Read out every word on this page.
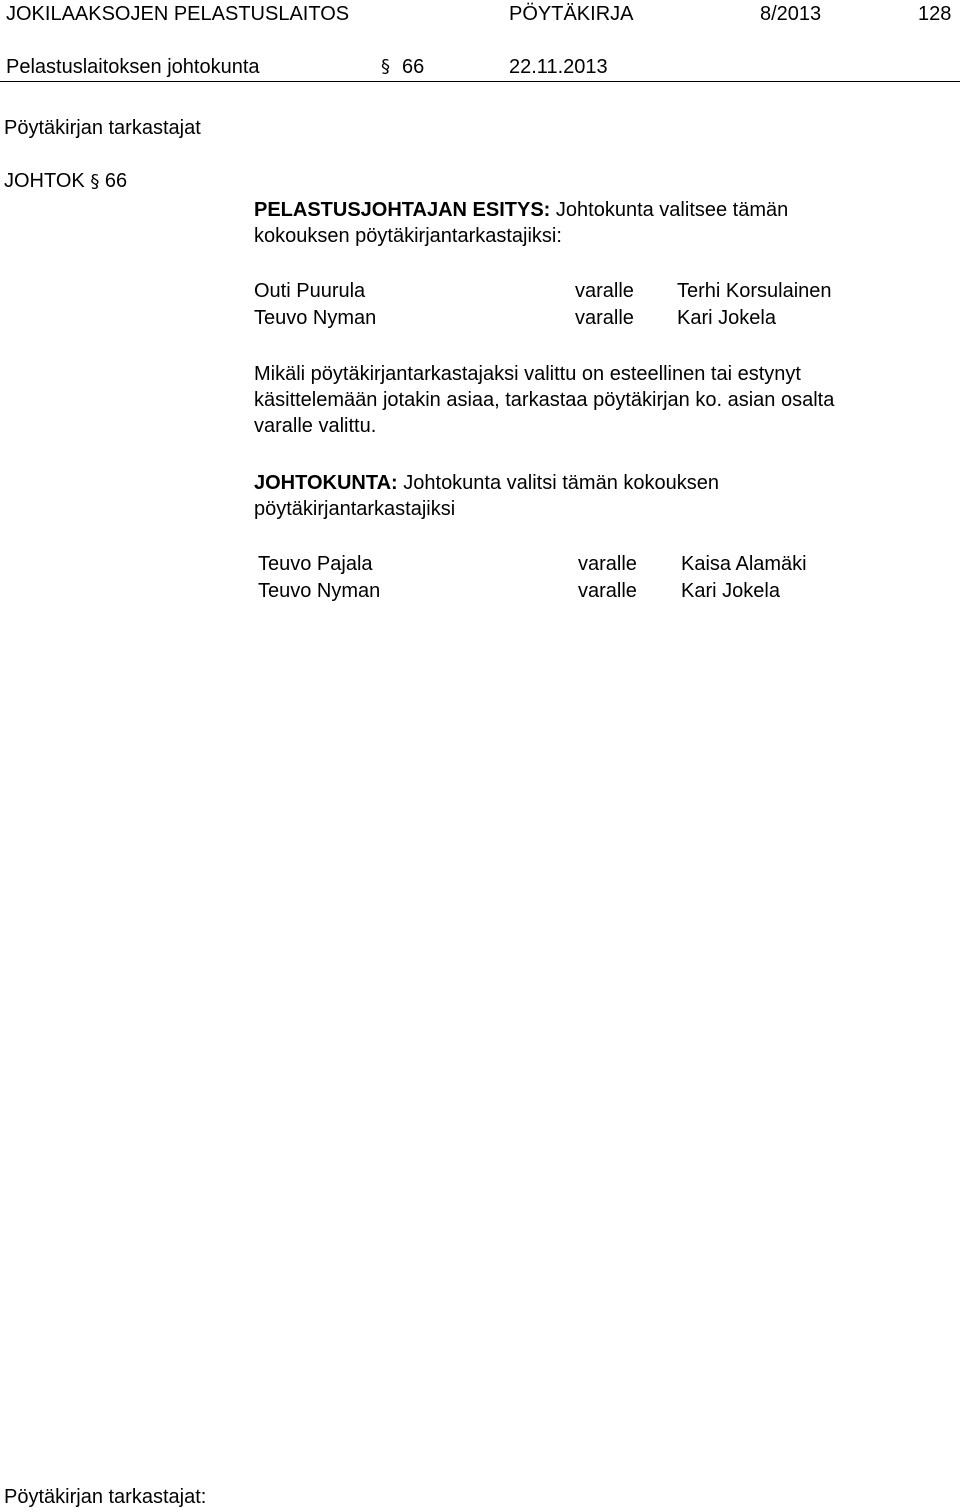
JOKILAAKSOJEN PELASTUSLAITOS	PÖYTÄKIRJA	8/2013	128
Pelastuslaitoksen johtokunta	§ 66	22.11.2013
Pöytäkirjan tarkastajat
JOHTOK § 66
PELASTUSJOHTAJAN ESITYS: Johtokunta valitsee tämän
kokouksen pöytäkirjantarkastajiksi:
Outi Puurula	varalle Terhi Korsulainen
Teuvo Nyman	varalle Kari Jokela
Mikäli pöytäkirjantarkastajaksi valittu on esteellinen tai estynyt
käsittelemään jotakin asiaa, tarkastaa pöytäkirjan ko. asian osalta
varalle valittu.
JOHTOKUNTA: Johtokunta valitsi tämän kokouksen
pöytäkirjantarkastajiksi
Teuvo Pajala	varalle Kaisa Alamäki
Teuvo Nyman	varalle Kari Jokela
Pöytäkirjan tarkastajat:
